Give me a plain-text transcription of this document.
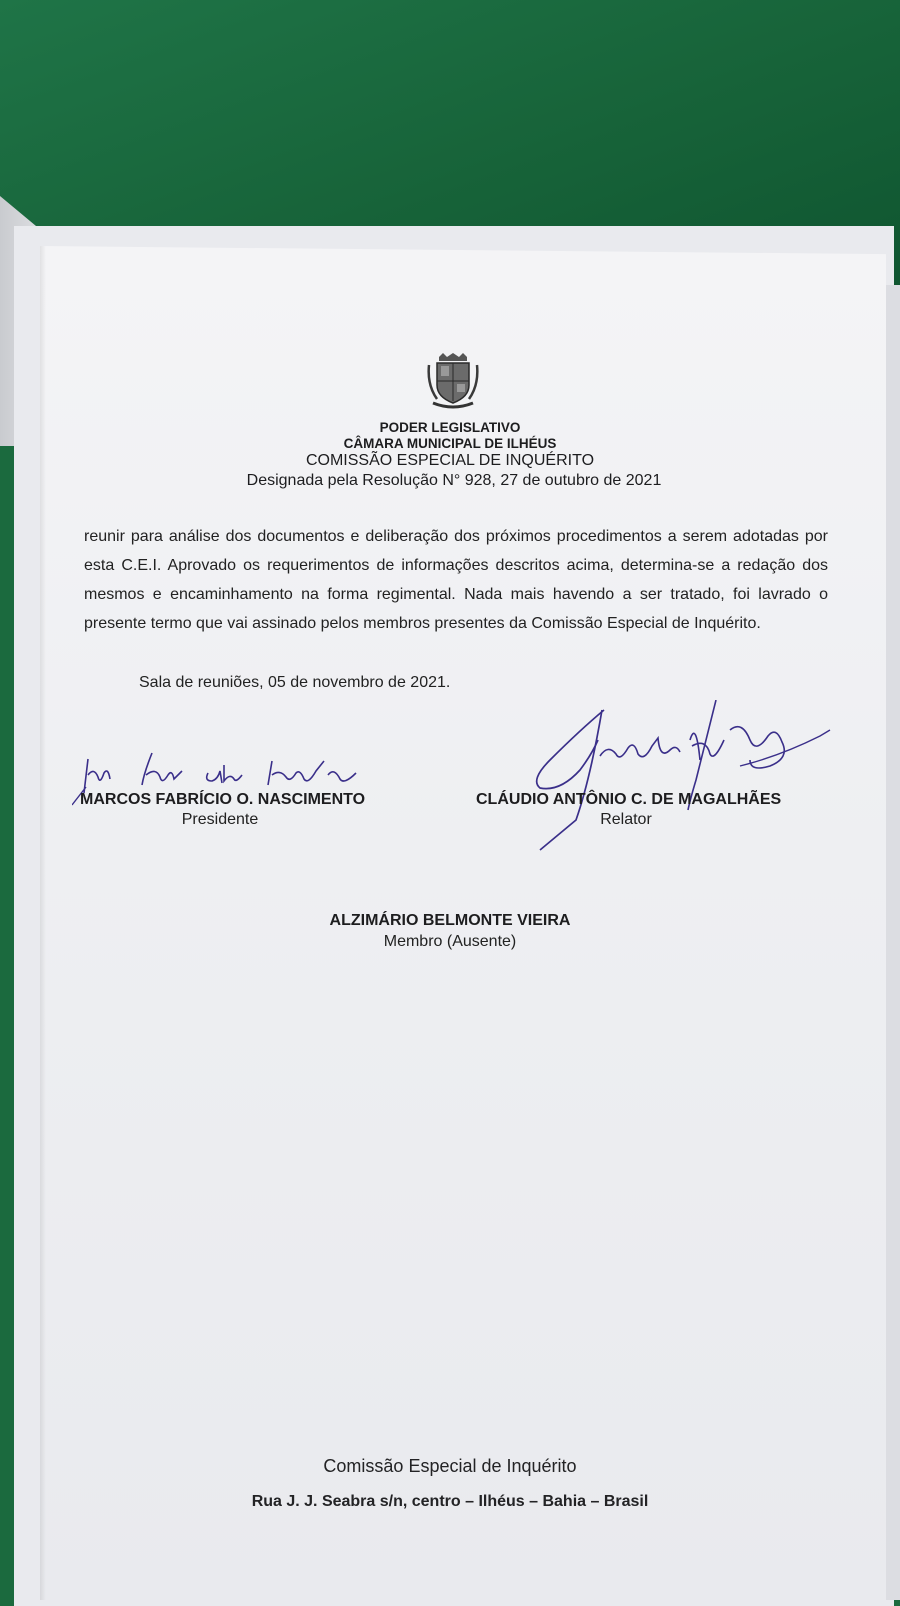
PODER LEGISLATIVO
CÂMARA MUNICIPAL DE ILHÉUS
COMISSÃO ESPECIAL DE INQUÉRITO
Designada pela Resolução N° 928, 27 de outubro de 2021
reunir para análise dos documentos e deliberação dos próximos procedimentos a serem adotadas por esta C.E.I. Aprovado os requerimentos de informações descritos acima, determina-se a redação dos mesmos e encaminhamento na forma regimental. Nada mais havendo a ser tratado, foi lavrado o presente termo que vai assinado pelos membros presentes da Comissão Especial de Inquérito.
Sala de reuniões, 05 de novembro de 2021.
MARCOS FABRÍCIO O. NASCIMENTO
Presidente
CLÁUDIO ANTÔNIO C. DE MAGALHÃES
Relator
ALZIMÁRIO BELMONTE VIEIRA
Membro (Ausente)
Comissão Especial de Inquérito
Rua J. J. Seabra s/n, centro – Ilhéus – Bahia – Brasil
